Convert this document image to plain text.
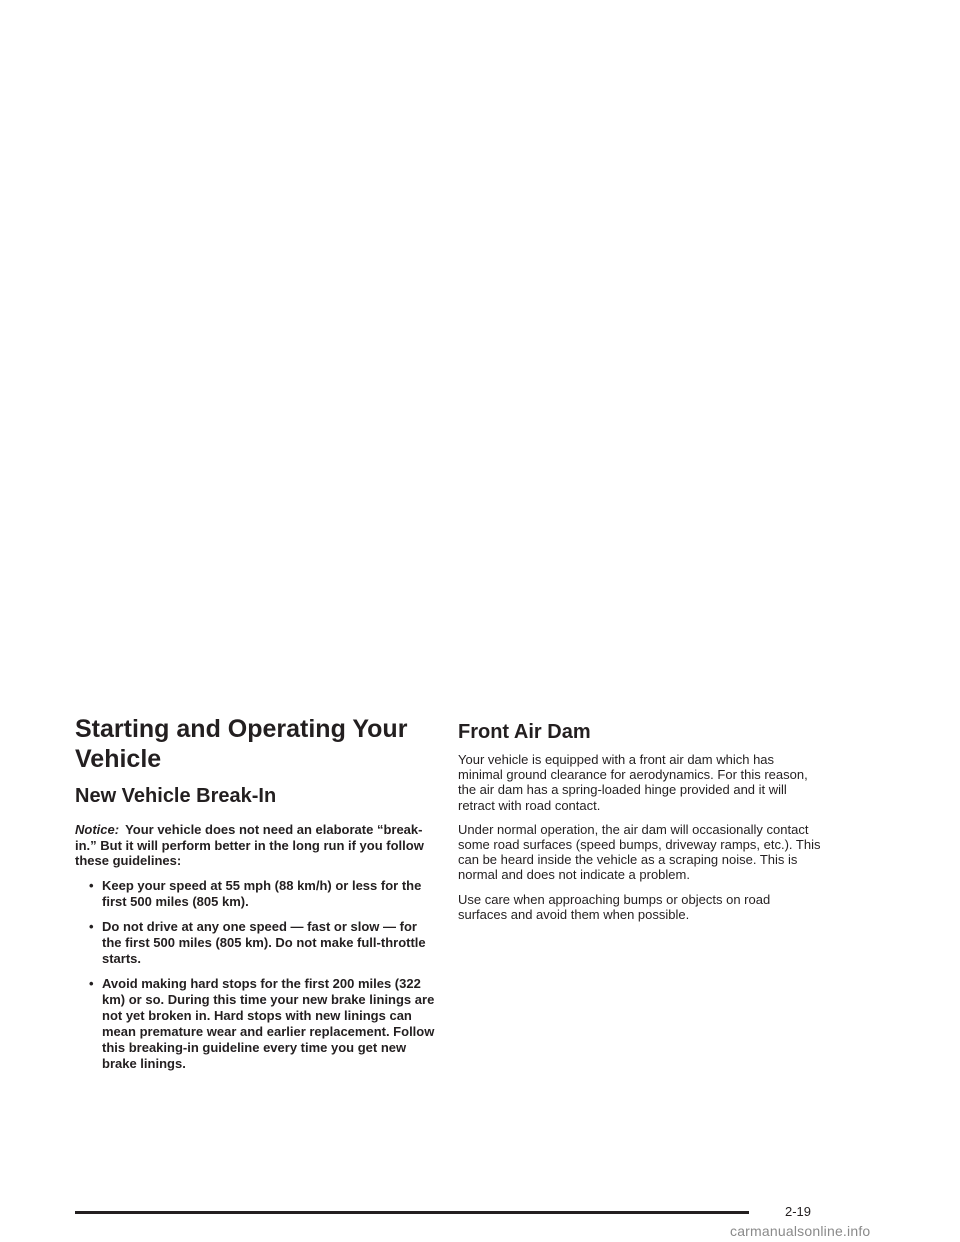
Starting and Operating Your Vehicle
New Vehicle Break-In

Notice: Your vehicle does not need an elaborate “break-in.” But it will perform better in the long run if you follow these guidelines:

• Keep your speed at 55 mph (88 km/h) or less for the first 500 miles (805 km).
• Do not drive at any one speed — fast or slow — for the first 500 miles (805 km). Do not make full-throttle starts.
• Avoid making hard stops for the first 200 miles (322 km) or so. During this time your new brake linings are not yet broken in. Hard stops with new linings can mean premature wear and earlier replacement. Follow this breaking-in guideline every time you get new brake linings.
Front Air Dam

Your vehicle is equipped with a front air dam which has minimal ground clearance for aerodynamics. For this reason, the air dam has a spring-loaded hinge provided and it will retract with road contact.

Under normal operation, the air dam will occasionally contact some road surfaces (speed bumps, driveway ramps, etc.). This can be heard inside the vehicle as a scraping noise. This is normal and does not indicate a problem.

Use care when approaching bumps or objects on road surfaces and avoid them when possible.

2-19
carmanualsonline.info
